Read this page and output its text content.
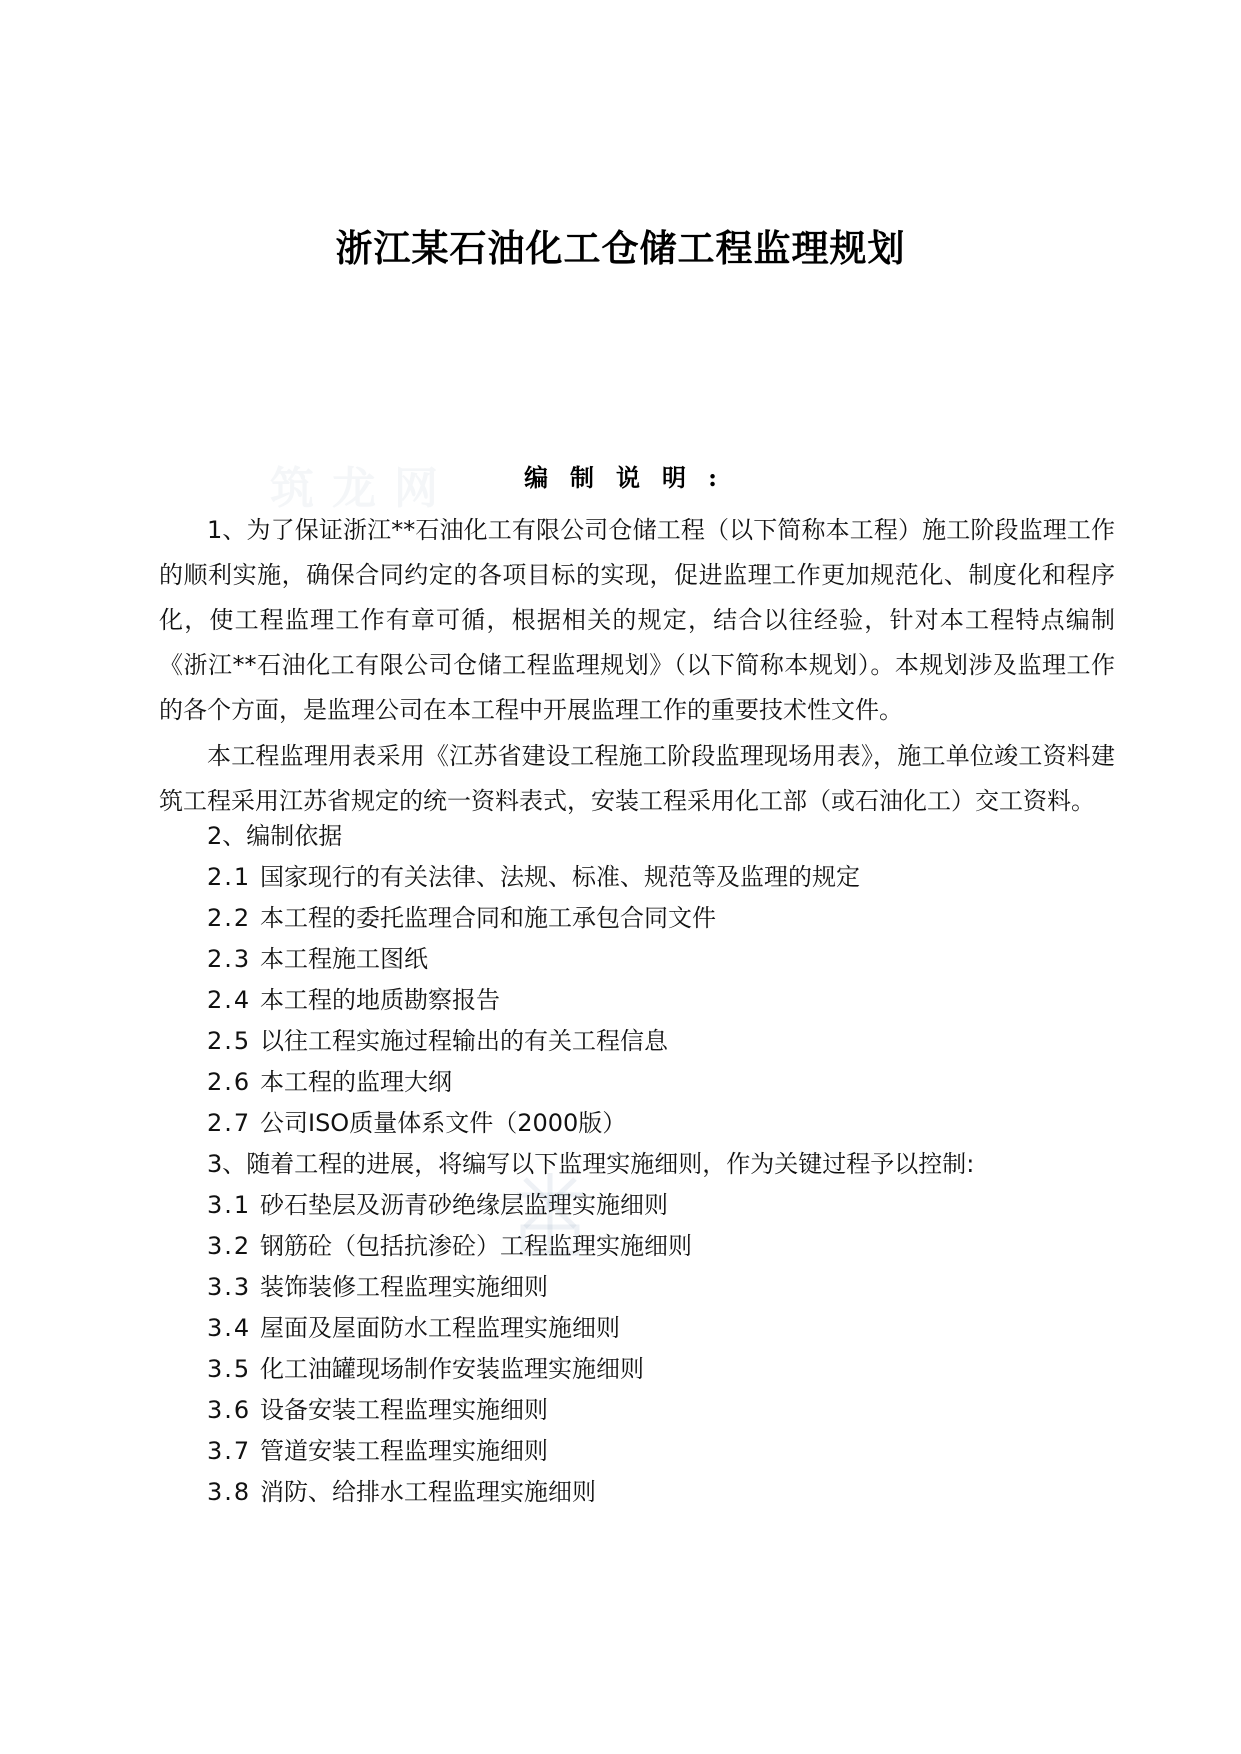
筑龙网
浙江某石油化工仓储工程监理规划
编制说明:

1、为了保证浙江**石油化工有限公司仓储工程（以下简称本工程）施工阶段监理工作的顺利实施，确保合同约定的各项目标的实现，促进监理工作更加规范化、制度化和程序化，使工程监理工作有章可循，根据相关的规定，结合以往经验，针对本工程特点编制《浙江**石油化工有限公司仓储工程监理规划》（以下简称本规划）。本规划涉及监理工作的各个方面，是监理公司在本工程中开展监理工作的重要技术性文件。

本工程监理用表采用《江苏省建设工程施工阶段监理现场用表》，施工单位竣工资料建筑工程采用江苏省规定的统一资料表式，安装工程采用化工部（或石油化工）交工资料。

2、编制依据
2.1 国家现行的有关法律、法规、标准、规范等及监理的规定
2.2 本工程的委托监理合同和施工承包合同文件
2.3 本工程施工图纸
2.4 本工程的地质勘察报告
2.5 以往工程实施过程输出的有关工程信息
2.6 本工程的监理大纲
2.7 公司ISO质量体系文件（2000版）
3、随着工程的进展，将编写以下监理实施细则，作为关键过程予以控制:
3.1 砂石垫层及沥青砂绝缘层监理实施细则
3.2 钢筋砼（包括抗渗砼）工程监理实施细则
3.3 装饰装修工程监理实施细则
3.4 屋面及屋面防水工程监理实施细则
3.5 化工油罐现场制作安装监理实施细则
3.6 设备安装工程监理实施细则
3.7 管道安装工程监理实施细则
3.8 消防、给排水工程监理实施细则
